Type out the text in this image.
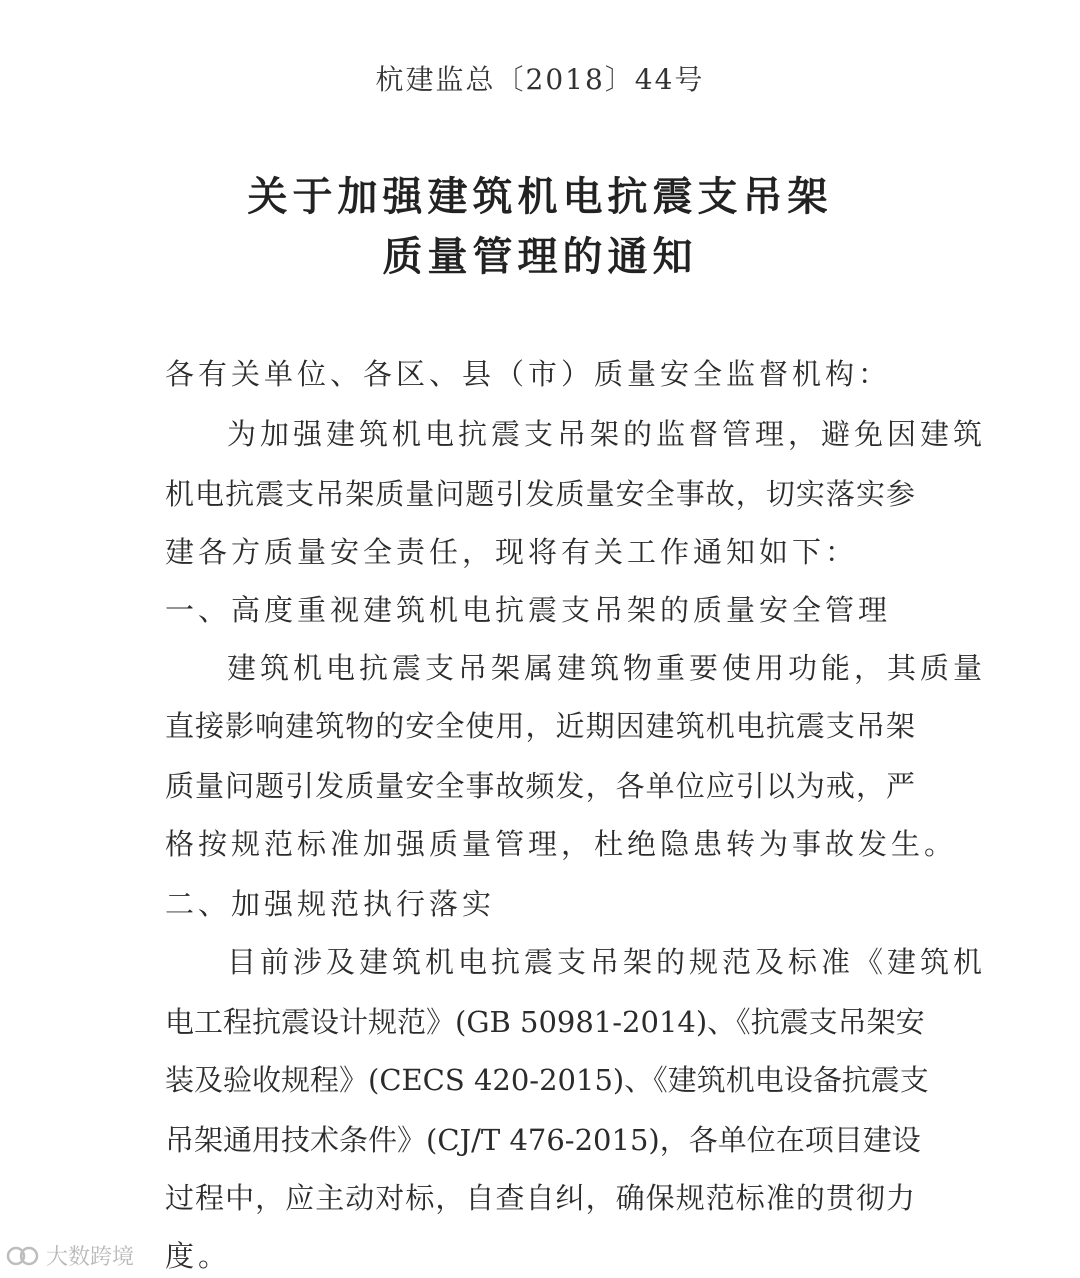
杭建监总〔2018〕44号
关于加强建筑机电抗震支吊架
质量管理的通知
各有关单位、各区、县（市）质量安全监督机构：
为加强建筑机电抗震支吊架的监督管理，避免因建筑
机电抗震支吊架质量问题引发质量安全事故，切实落实参
建各方质量安全责任，现将有关工作通知如下：
一、高度重视建筑机电抗震支吊架的质量安全管理
建筑机电抗震支吊架属建筑物重要使用功能，其质量
直接影响建筑物的安全使用，近期因建筑机电抗震支吊架
质量问题引发质量安全事故频发，各单位应引以为戒，严
格按规范标准加强质量管理，杜绝隐患转为事故发生。
二、加强规范执行落实
目前涉及建筑机电抗震支吊架的规范及标准《建筑机
电工程抗震设计规范》(GB 50981-2014)、《抗震支吊架安
装及验收规程》(CECS 420-2015)、《建筑机电设备抗震支
吊架通用技术条件》(CJ/T 476-2015)，各单位在项目建设
过程中，应主动对标，自查自纠，确保规范标准的贯彻力
度。
大数跨境
